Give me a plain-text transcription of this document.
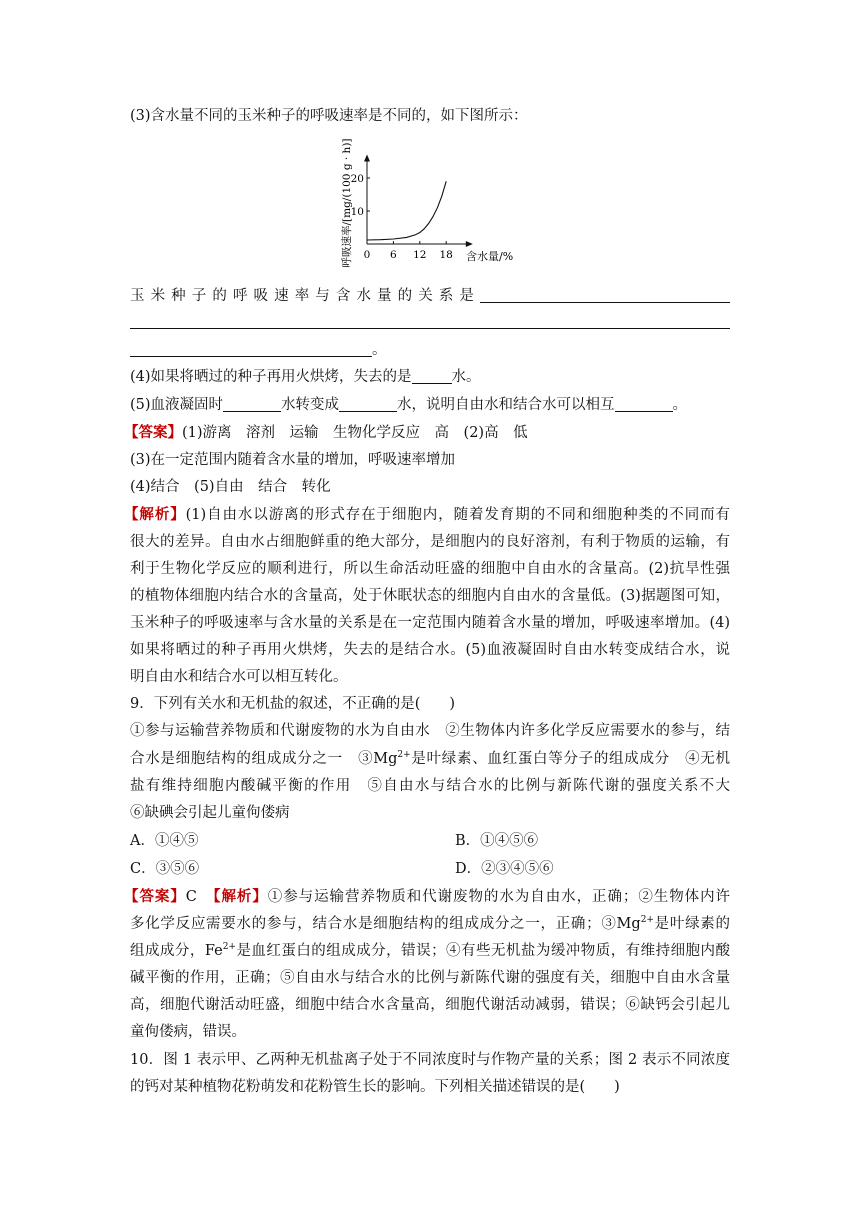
(3)含水量不同的玉米种子的呼吸速率是不同的，如下图所示：
0 6 12 18
10
20
呼吸速率/[mg/(100 g · h)]	含水量/%
玉米种子的呼吸速率与含水量的关系是
。
(4)如果将晒过的种子再用火烘烤，失去的是	水。
(5)血液凝固时	水转变成	水，说明自由水和结合水可以相互	。
【答案】(1)游离　溶剂　运输　生物化学反应　高　(2)高　低
(3)在一定范围内随着含水量的增加，呼吸速率增加
(4)结合　(5)自由　结合　转化
【解析】(1)自由水以游离的形式存在于细胞内，随着发育期的不同和细胞种类的不同而有
很大的差异。自由水占细胞鲜重的绝大部分，是细胞内的良好溶剂，有利于物质的运输，有
利于生物化学反应的顺利进行，所以生命活动旺盛的细胞中自由水的含量高。(2)抗旱性强
的植物体细胞内结合水的含量高，处于休眠状态的细胞内自由水的含量低。(3)据题图可知，
玉米种子的呼吸速率与含水量的关系是在一定范围内随着含水量的增加，呼吸速率增加。(4)
如果将晒过的种子再用火烘烤，失去的是结合水。(5)血液凝固时自由水转变成结合水，说
明自由水和结合水可以相互转化。
9．下列有关水和无机盐的叙述，不正确的是(　　)
①参与运输营养物质和代谢废物的水为自由水　②生物体内许多化学反应需要水的参与，结
合水是细胞结构的组成成分之一　$③Mg^{2+}$是叶绿素、血红蛋白等分子的组成成分　④无机
盐有维持细胞内酸碱平衡的作用　⑤自由水与结合水的比例与新陈代谢的强度关系不大
⑥缺碘会引起儿童佝偻病
A．①④⑤	B．①④⑤⑥
C．③⑤⑥	D．②③④⑤⑥
【答案】C　 【解析】①参与运输营养物质和代谢废物的水为自由水，正确；②生物体内许
多化学反应需要水的参与，结合水是细胞结构的组成成分之一，正确；$③Mg^{2+}$是叶绿素的
组成成分，$Fe^{2+}$是血红蛋白的组成成分，错误；④有些无机盐为缓冲物质，有维持细胞内酸
碱平衡的作用，正确；⑤自由水与结合水的比例与新陈代谢的强度有关，细胞中自由水含量
高，细胞代谢活动旺盛，细胞中结合水含量高，细胞代谢活动减弱，错误；⑥缺钙会引起儿
童佝偻病，错误。
10．图 1 表示甲、乙两种无机盐离子处于不同浓度时与作物产量的关系；图 2 表示不同浓度
的钙对某种植物花粉萌发和花粉管生长的影响。下列相关描述错误的是(　　)
